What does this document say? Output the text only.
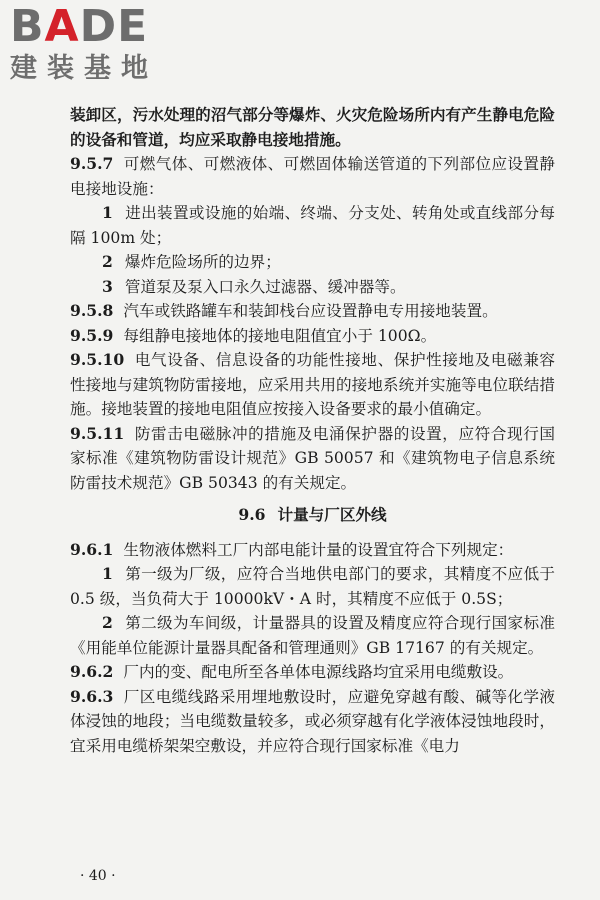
BADE
建装基地

装卸区，污水处理的沼气部分等爆炸、火灾危险场所内有产生静电危险的设备和管道，均应采取静电接地措施。

9.5.7 可燃气体、可燃液体、可燃固体输送管道的下列部位应设置静电接地设施：

1 进出装置或设施的始端、终端、分支处、转角处或直线部分每隔 100m 处；

2 爆炸危险场所的边界；

3 管道泵及泵入口永久过滤器、缓冲器等。

9.5.8 汽车或铁路罐车和装卸栈台应设置静电专用接地装置。

9.5.9 每组静电接地体的接地电阻值宜小于 100Ω。

9.5.10 电气设备、信息设备的功能性接地、保护性接地及电磁兼容性接地与建筑物防雷接地，应采用共用的接地系统并实施等电位联结措施。接地装置的接地电阻值应按接入设备要求的最小值确定。

9.5.11 防雷击电磁脉冲的措施及电涌保护器的设置，应符合现行国家标准《建筑物防雷设计规范》GB 50057 和《建筑物电子信息系统防雷技术规范》GB 50343 的有关规定。

9.6 计量与厂区外线

9.6.1 生物液体燃料工厂内部电能计量的设置宜符合下列规定：

1 第一级为厂级，应符合当地供电部门的要求，其精度不应低于 0.5 级，当负荷大于 10000kV・A 时，其精度不应低于 0.5S；

2 第二级为车间级，计量器具的设置及精度应符合现行国家标准《用能单位能源计量器具配备和管理通则》GB 17167 的有关规定。

9.6.2 厂内的变、配电所至各单体电源线路均宜采用电缆敷设。

9.6.3 厂区电缆线路采用埋地敷设时，应避免穿越有酸、碱等化学液体浸蚀的地段；当电缆数量较多，或必须穿越有化学液体浸蚀地段时，宜采用电缆桥架架空敷设，并应符合现行国家标准《电力

· 40 ·
